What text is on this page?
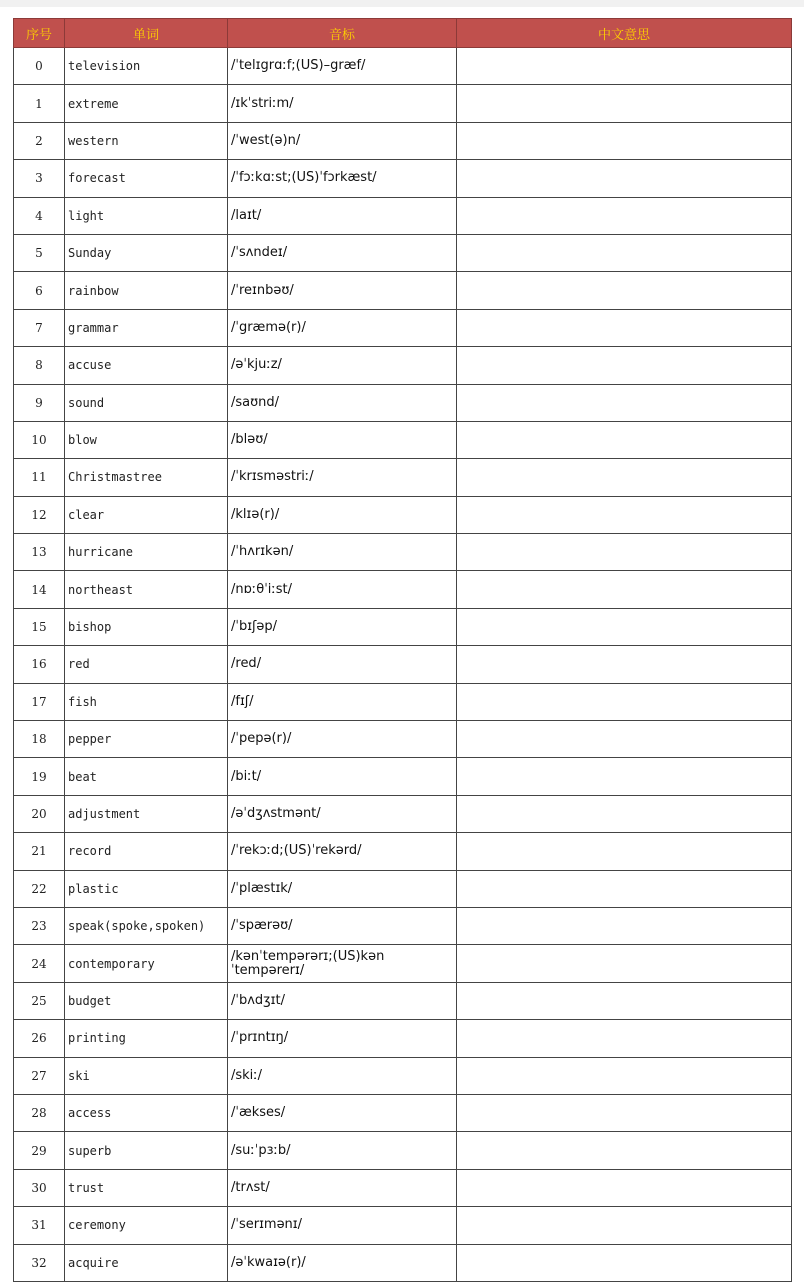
序号	单词	音标	中文意思
0	television	/ˈtelɪgrɑːf;(US)–græf/	
1	extreme	/ɪkˈstriːm/	
2	western	/ˈwest(ə)n/	
3	forecast	/ˈfɔːkɑːst;(US)ˈfɔrkæst/	
4	light	/laɪt/	
5	Sunday	/ˈsʌndeɪ/	
6	rainbow	/ˈreɪnbəʊ/	
7	grammar	/ˈgræmə(r)/	
8	accuse	/əˈkjuːz/	
9	sound	/saʊnd/	
10	blow	/bləʊ/	
11	Christmastree	/ˈkrɪsməstriː/	
12	clear	/klɪə(r)/	
13	hurricane	/ˈhʌrɪkən/	
14	northeast	/nɒːθˈiːst/	
15	bishop	/ˈbɪʃəp/	
16	red	/red/	
17	fish	/fɪʃ/	
18	pepper	/ˈpepə(r)/	
19	beat	/biːt/	
20	adjustment	/əˈdʒʌstmənt/	
21	record	/ˈrekɔːd;(US)ˈrekərd/	
22	plastic	/ˈplæstɪk/	
23	speak(spoke,spoken)	/ˈspærəʊ/	
24	contemporary	/kənˈtempərərɪ;(US)kənˈtempərerɪ/	
25	budget	/ˈbʌdʒɪt/	
26	printing	/ˈprɪntɪŋ/	
27	ski	/skiː/	
28	access	/ˈækses/	
29	superb	/suːˈpɜːb/	
30	trust	/trʌst/	
31	ceremony	/ˈserɪmənɪ/	
32	acquire	/əˈkwaɪə(r)/	
